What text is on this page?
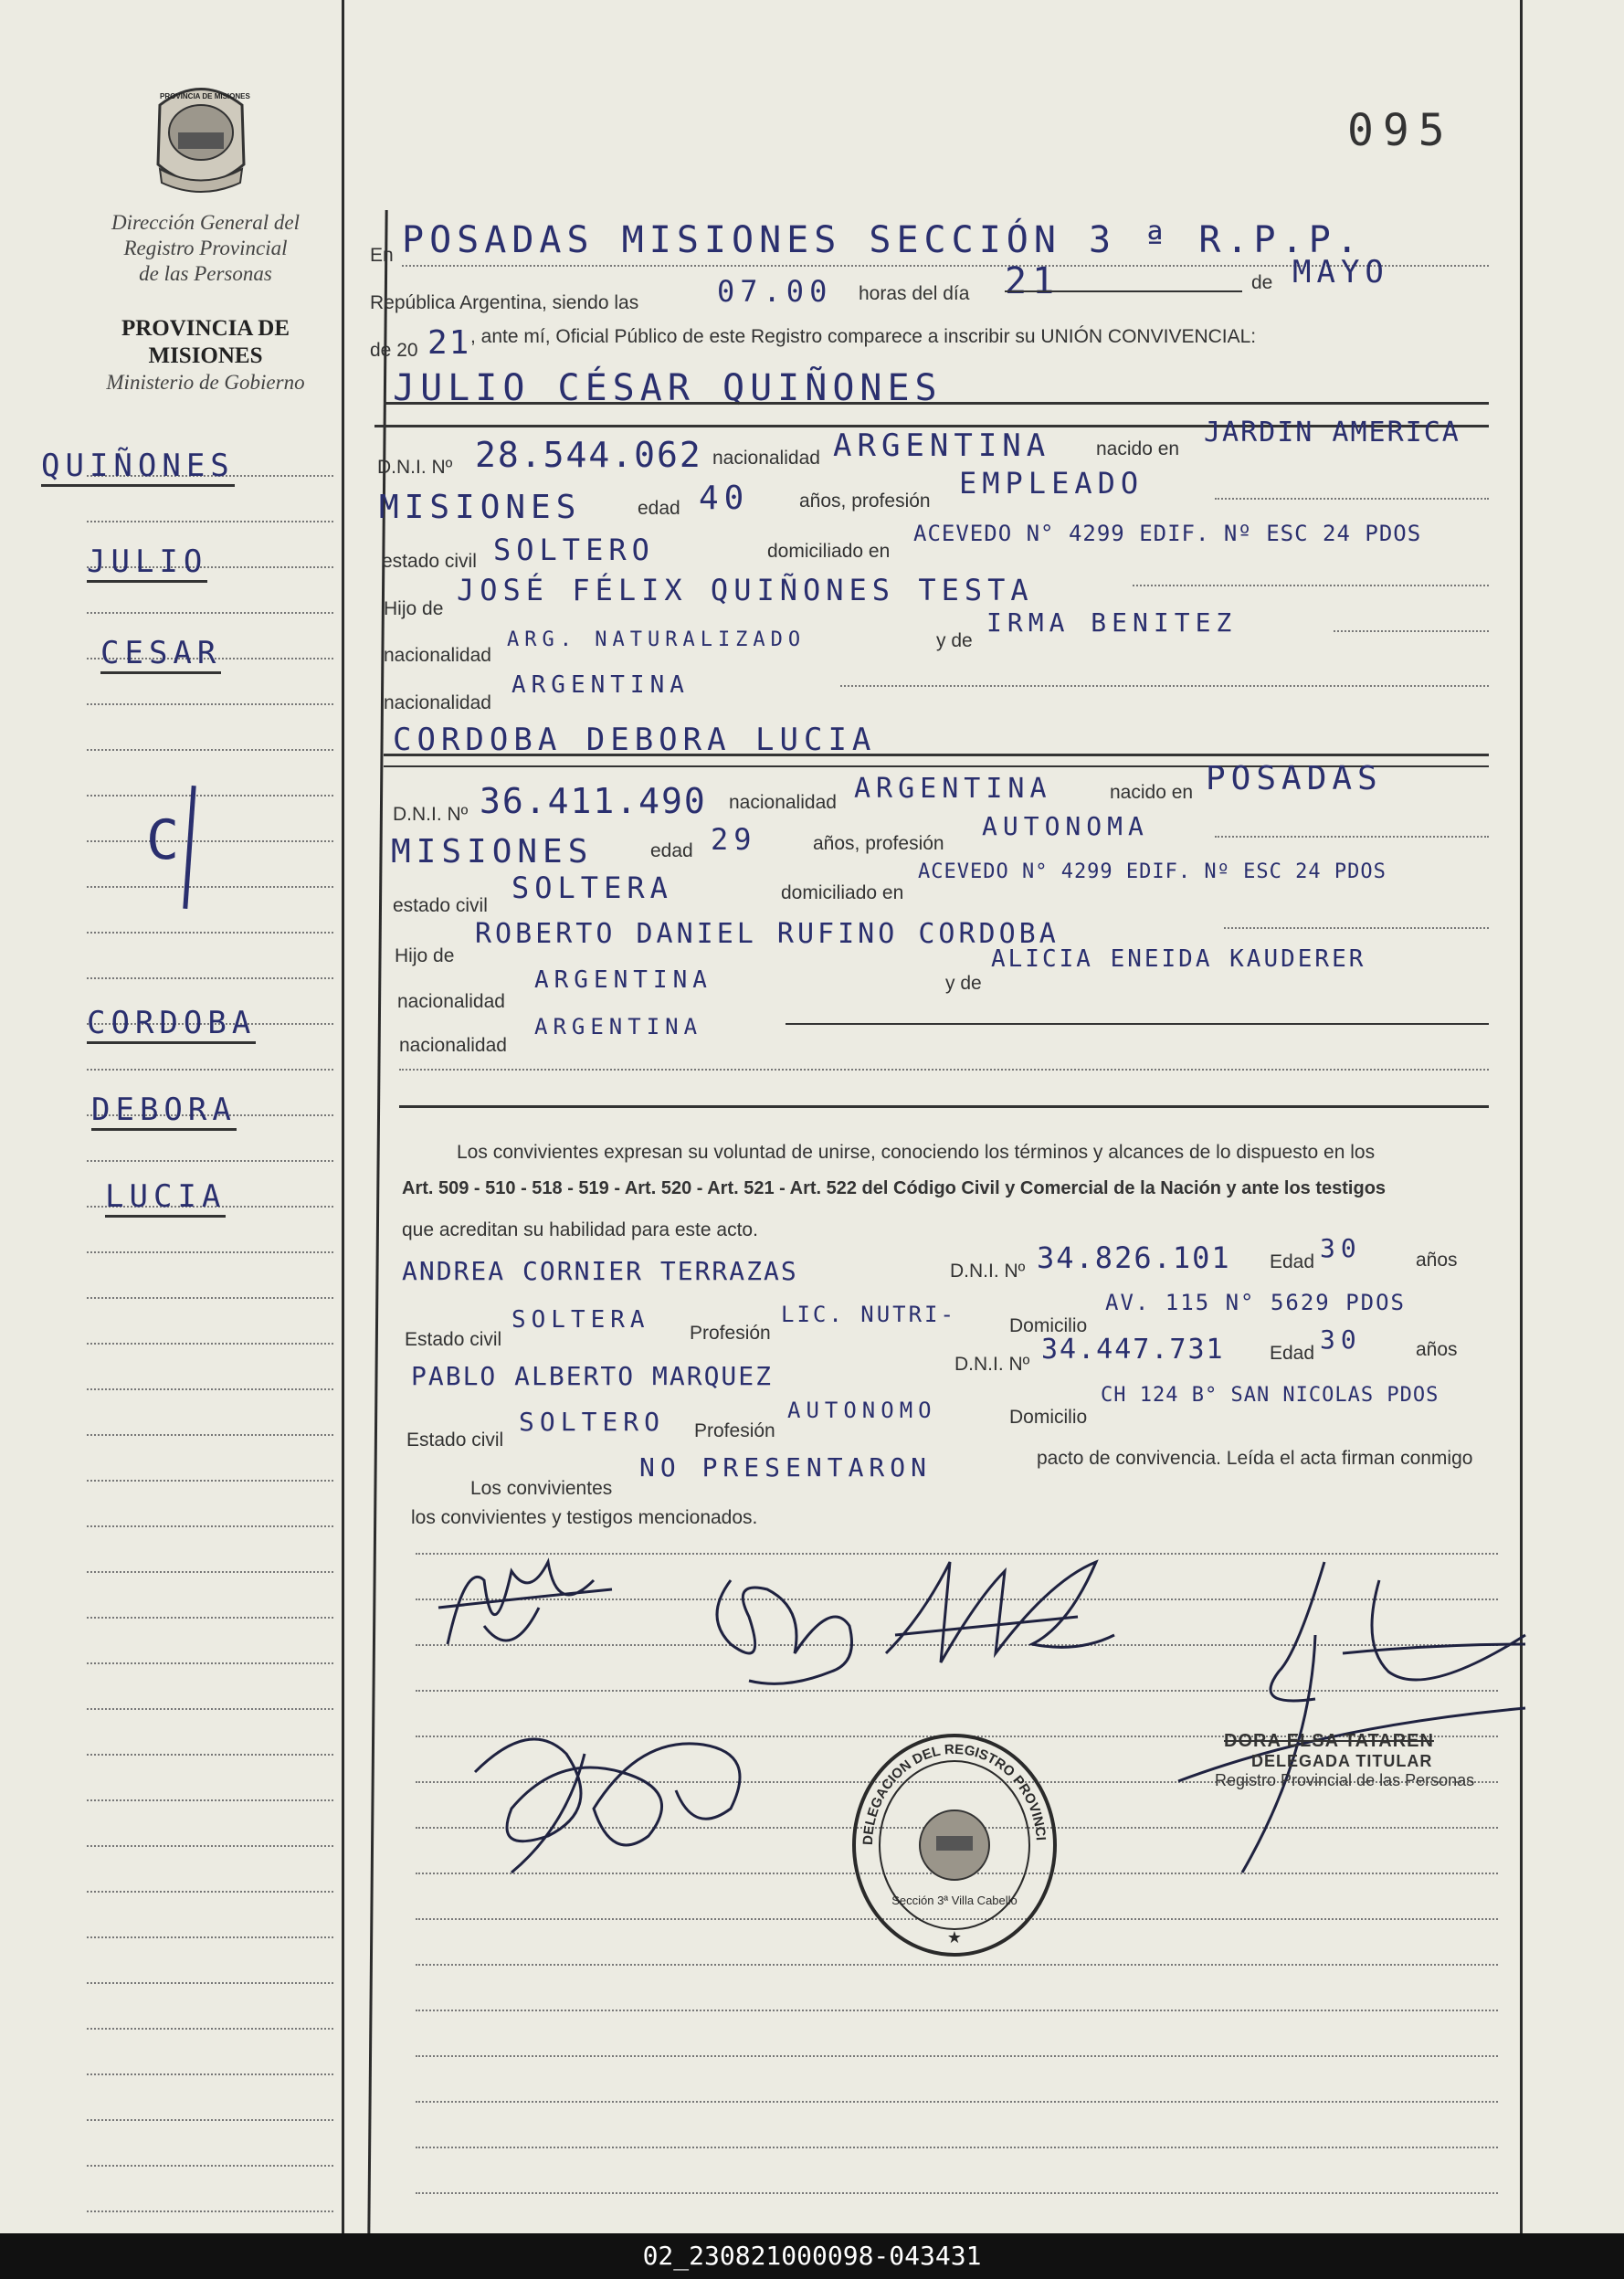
095
PROVINCIA DE MISIONES
Dirección General del
Registro Provincial
de las Personas
PROVINCIA DE
MISIONES
Ministerio de Gobierno
QUIÑONES
JULIO
CESAR
C
CORDOBA
DEBORA
LUCIA
En POSADAS MISIONES SECCIÓN 3 ª R.P.P.
República Argentina, siendo las	07.00 horas del día 21	de MAYO
de 20 21 , ante mí, Oficial Público de este Registro comparece a inscribir su UNIÓN CONVIVENCIAL:
JULIO CÉSAR QUIÑONES
D.N.I. Nº 28.544.062 nacionalidad ARGENTINA nacido en
JARDIN AMERICA
MISIONES	edad 40	años, profesión
EMPLEADO
estado civil SOLTERO	domiciliado en
ACEVEDO N° 4299 EDIF. Nº ESC 24 PDOS
Hijo de
JOSÉ FÉLIX QUIÑONES TESTA
nacionalidad
ARG. NATURALIZADO	y de
IRMA BENITEZ
nacionalidad
ARGENTINA
CORDOBA DEBORA LUCIA
D.N.I. Nº 36.411.490 nacionalidad ARGENTINA	nacido en POSADAS
MISIONES	edad 29	años, profesión
AUTONOMA
estado civil
SOLTERA	domiciliado en
ACEVEDO N° 4299 EDIF. Nº ESC 24 PDOS
Hijo de
ROBERTO DANIEL RUFINO CORDOBA
nacionalidad
ARGENTINA	y de
ALICIA ENEIDA KAUDERER
nacionalidad
ARGENTINA
Los convivientes expresan su voluntad de unirse, conociendo los términos y alcances de lo dispuesto en los
Art. 509 - 510 - 518 - 519 - Art. 520 - Art. 521 - Art. 522 del Código Civil y Comercial de la Nación y ante los testigos
que acreditan su habilidad para este acto.
ANDREA CORNIER TERRAZAS	D.N.I. Nº 34.826.101 Edad 30	años
Estado civil
SOLTERA Profesión
LIC. NUTRI-	Domicilio
AV. 115 N° 5629 PDOS
PABLO ALBERTO MARQUEZ	D.N.I. Nº 34.447.731 Edad 30	años
Estado civil
SOLTERO Profesión
AUTONOMO	Domicilio
CH 124 B° SAN NICOLAS PDOS
Los convivientes
NO PRESENTARON	pacto de convivencia. Leída el acta firman conmigo
los convivientes y testigos mencionados.
DORA ELSA TATAREN
DELEGADA TITULAR
Registro Provincial de las Personas
DELEGACION DEL REGISTRO PROVINCI
Sección 3ª Villa Cabello
★
02_230821000098-043431
